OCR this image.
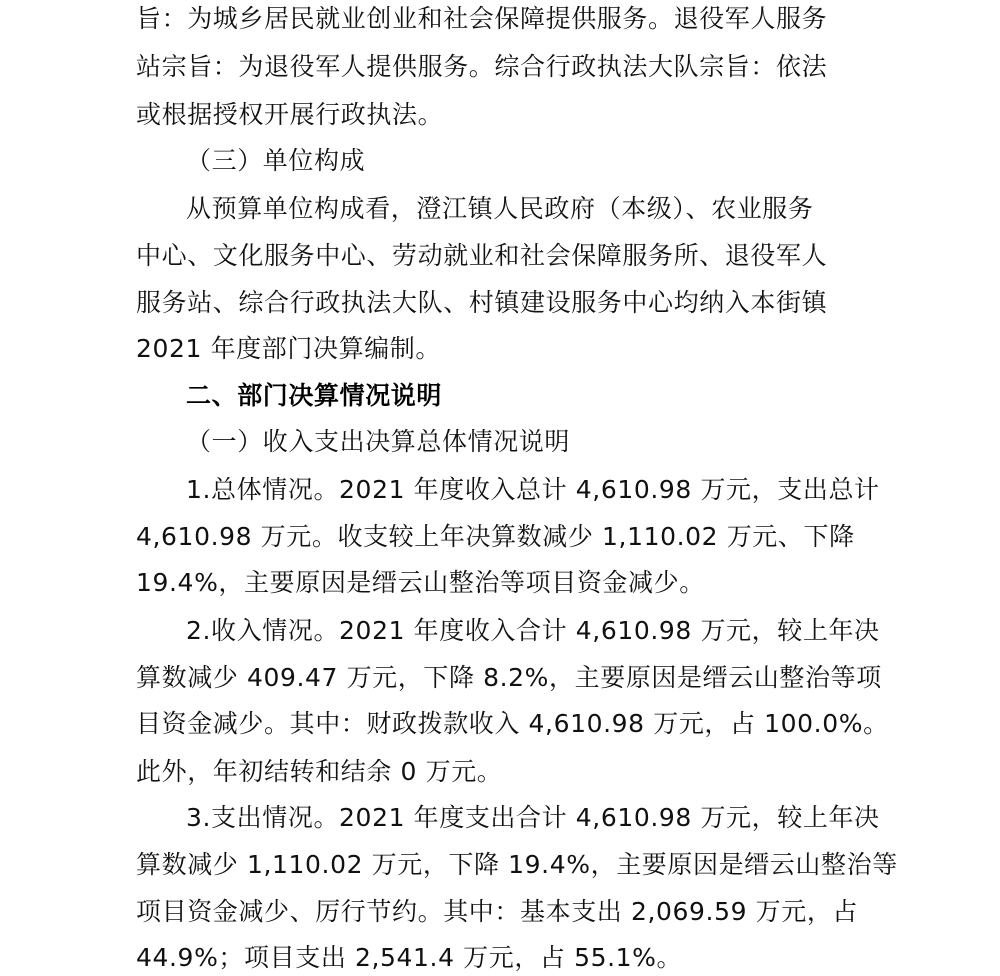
旨：为城乡居民就业创业和社会保障提供服务。退役军人服务
站宗旨：为退役军人提供服务。综合行政执法大队宗旨：依法
或根据授权开展行政执法。
（三）单位构成
从预算单位构成看，澄江镇人民政府（本级）、农业服务
中心、文化服务中心、劳动就业和社会保障服务所、退役军人
服务站、综合行政执法大队、村镇建设服务中心均纳入本街镇
2021 年度部门决算编制。
二、部门决算情况说明
（一）收入支出决算总体情况说明
1.总体情况。2021 年度收入总计 4,610.98 万元，支出总计
4,610.98 万元。收支较上年决算数减少 1,110.02 万元、下降
19.4%，主要原因是缙云山整治等项目资金减少。
2.收入情况。2021 年度收入合计 4,610.98 万元，较上年决
算数减少 409.47 万元，下降 8.2%，主要原因是缙云山整治等项
目资金减少。其中：财政拨款收入 4,610.98 万元，占 100.0%。
此外，年初结转和结余 0 万元。
3.支出情况。2021 年度支出合计 4,610.98 万元，较上年决
算数减少 1,110.02 万元，下降 19.4%，主要原因是缙云山整治等
项目资金减少、厉行节约。其中：基本支出 2,069.59 万元，占
44.9%；项目支出 2,541.4 万元，占 55.1%。
